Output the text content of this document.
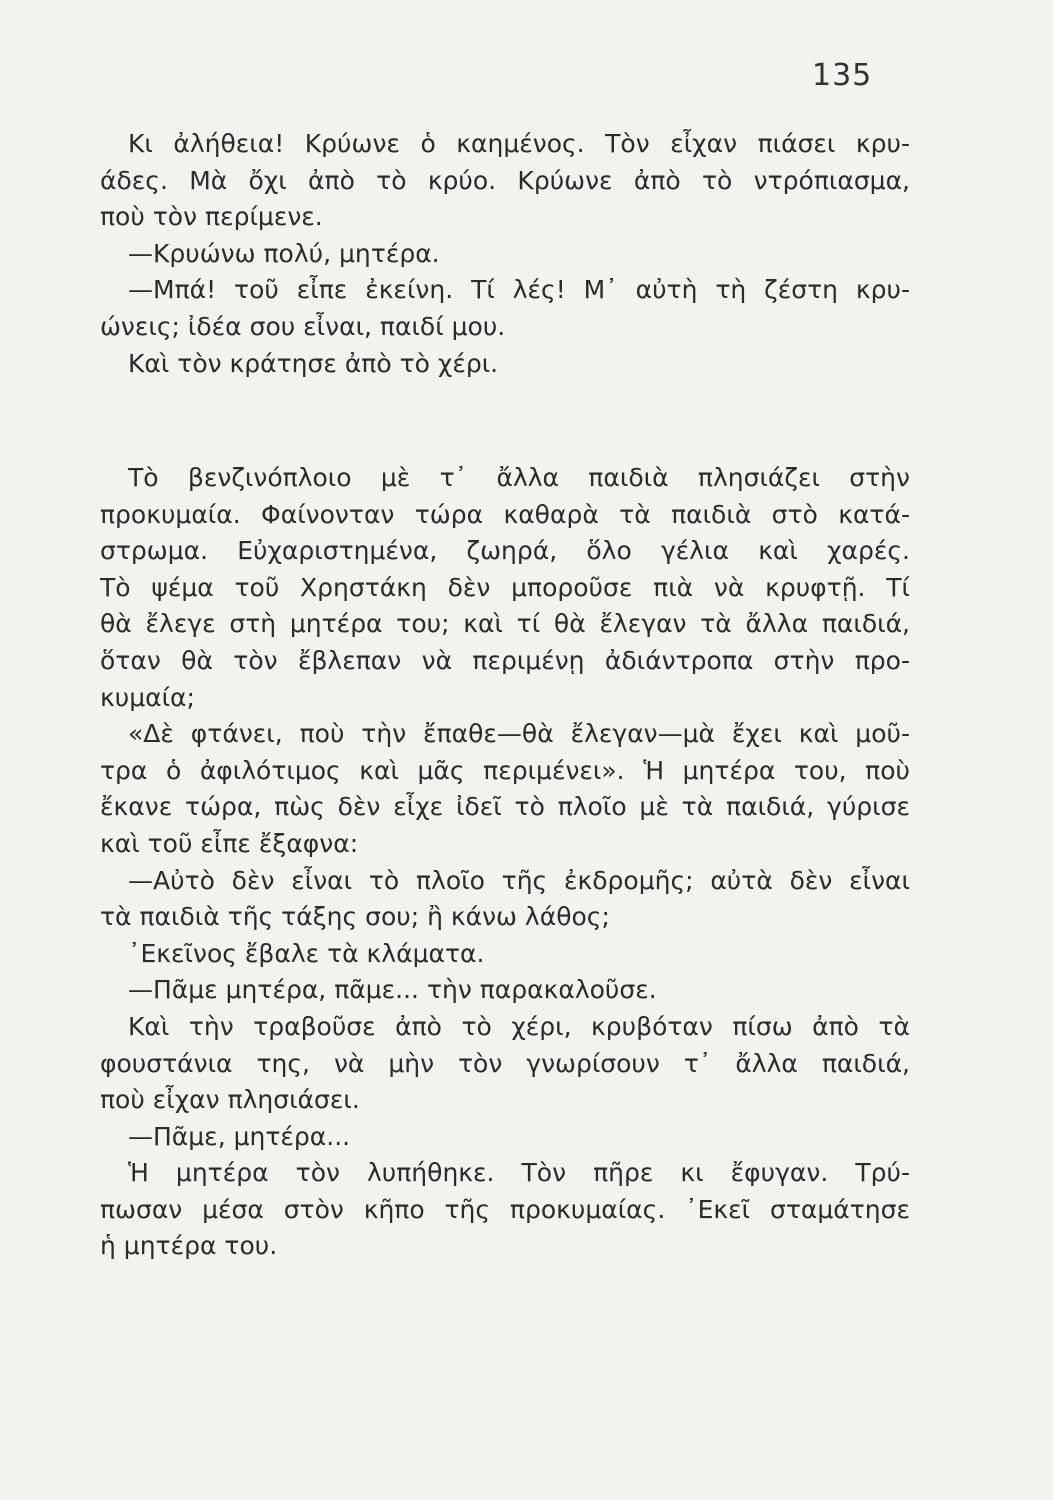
135
Κι ἀλήθεια! Κρύωνε ὁ καημένος. Τὸν εἶχαν πιάσει κρυ-
άδες. Μὰ ὄχι ἀπὸ τὸ κρύο. Κρύωνε ἀπὸ τὸ ντρόπιασμα,
ποὺ τὸν περίμενε.
—Κρυώνω πολύ, μητέρα.
—Μπά! τοῦ εἶπε ἐκείνη. Τί λές! Μ᾽ αὐτὴ τὴ ζέστη κρυ-
ώνεις; ἰδέα σου εἶναι, παιδί μου.
Καὶ τὸν κράτησε ἀπὸ τὸ χέρι.
Τὸ βενζινόπλοιο μὲ τ᾽ ἄλλα παιδιὰ πλησιάζει στὴν
προκυμαία. Φαίνονταν τώρα καθαρὰ τὰ παιδιὰ στὸ κατά-
στρωμα. Εὐχαριστημένα, ζωηρά, ὅλο γέλια καὶ χαρές.
Τὸ ψέμα τοῦ Χρηστάκη δὲν μποροῦσε πιὰ νὰ κρυφτῇ. Τί
θὰ ἔλεγε στὴ μητέρα του; καὶ τί θὰ ἔλεγαν τὰ ἄλλα παιδιά,
ὅταν θὰ τὸν ἔβλεπαν νὰ περιμένῃ ἀδιάντροπα στὴν προ-
κυμαία;
«Δὲ φτάνει, ποὺ τὴν ἔπαθε—θὰ ἔλεγαν—μὰ ἔχει καὶ μοῦ-
τρα ὁ ἀφιλότιμος καὶ μᾶς περιμένει». Ἡ μητέρα του, ποὺ
ἔκανε τώρα, πὼς δὲν εἶχε ἰδεῖ τὸ πλοῖο μὲ τὰ παιδιά, γύρισε
καὶ τοῦ εἶπε ἔξαφνα:
—Αὐτὸ δὲν εἶναι τὸ πλοῖο τῆς ἐκδρομῆς; αὐτὰ δὲν εἶναι
τὰ παιδιὰ τῆς τάξης σου; ἢ κάνω λάθος;
᾽Εκεῖνος ἔβαλε τὰ κλάματα.
—Πᾶμε μητέρα, πᾶμε... τὴν παρακαλοῦσε.
Καὶ τὴν τραβοῦσε ἀπὸ τὸ χέρι, κρυβόταν πίσω ἀπὸ τὰ
φουστάνια της, νὰ μὴν τὸν γνωρίσουν τ᾽ ἄλλα παιδιά,
ποὺ εἶχαν πλησιάσει.
—Πᾶμε, μητέρα...
Ἡ μητέρα τὸν λυπήθηκε. Τὸν πῆρε κι ἔφυγαν. Τρύ-
πωσαν μέσα στὸν κῆπο τῆς προκυμαίας. ᾽Εκεῖ σταμάτησε
ἡ μητέρα του.
